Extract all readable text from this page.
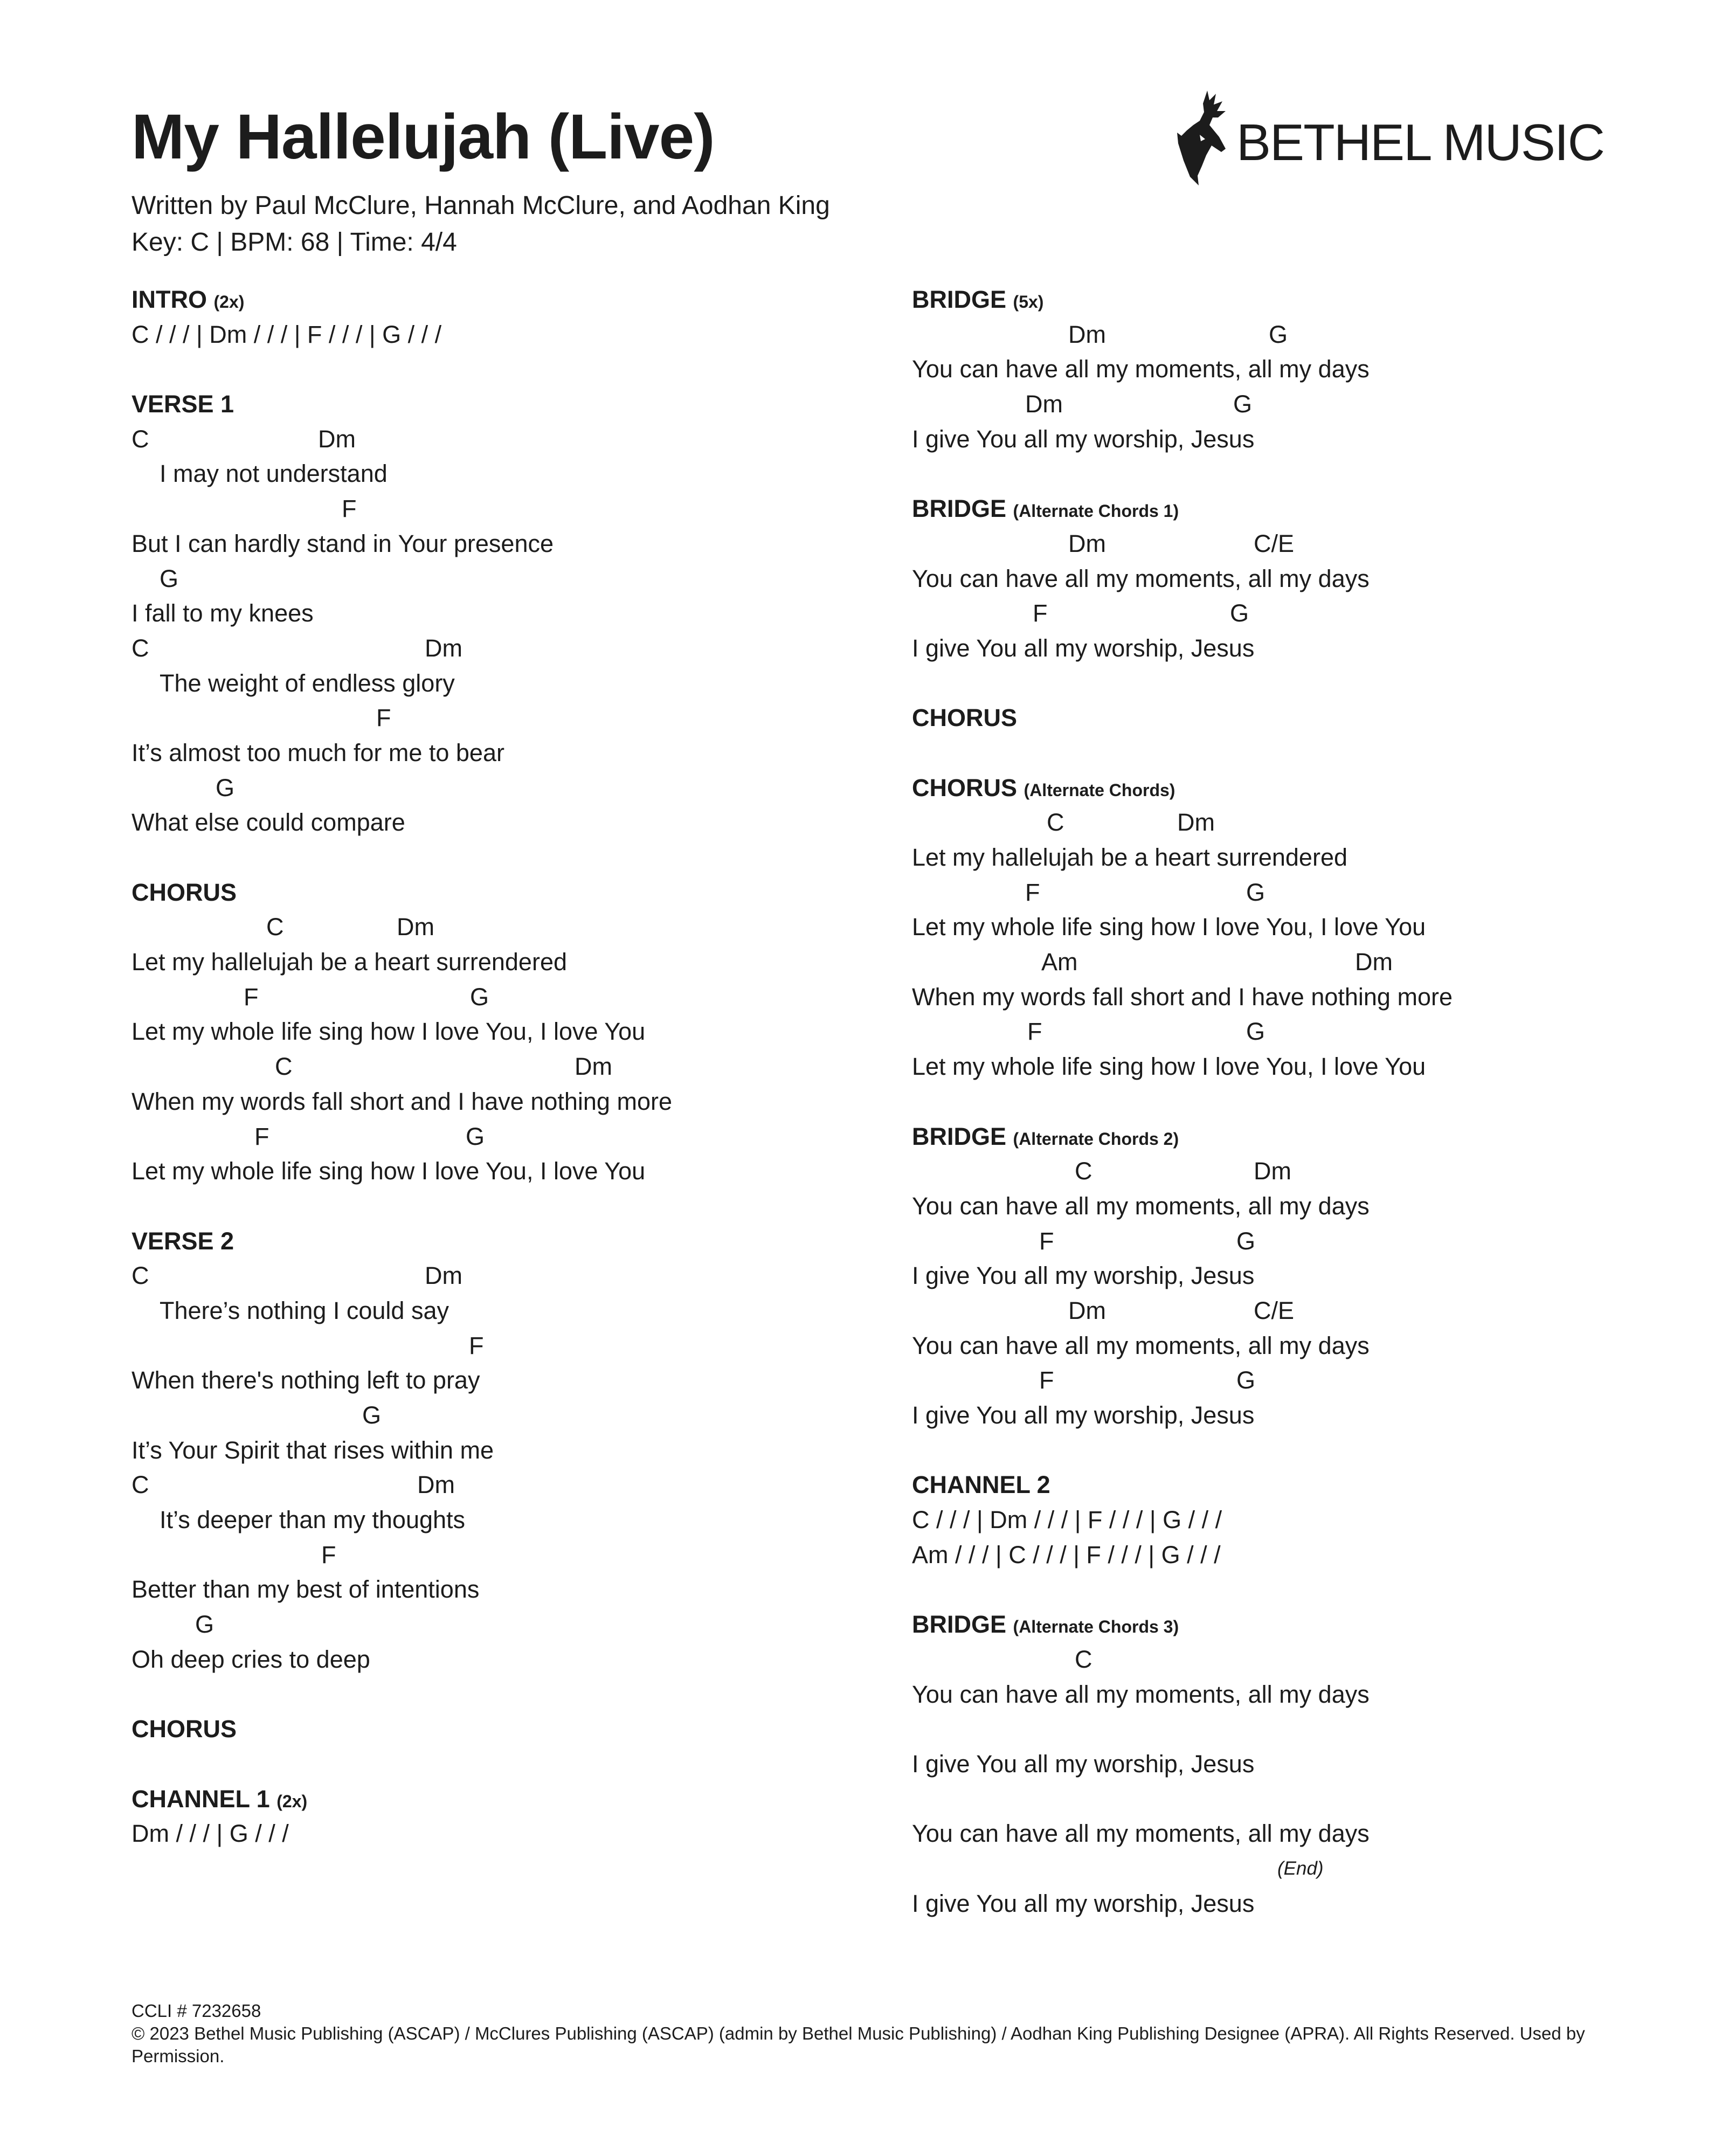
My Hallelujah (Live)
Written by Paul McClure, Hannah McClure, and Aodhan King
Key: C | BPM: 68 | Time: 4/4
BETHEL MUSIC
INTRO (2x)
C / / / | Dm / / / | F / / / | G / / /
VERSE 1
C	Dm
I may not understand
F
But I can hardly stand in Your presence
G
I fall to my knees
C	Dm
The weight of endless glory
F
It’s almost too much for me to bear
G
What else could compare
CHORUS
C	Dm
Let my hallelujah be a heart surrendered
F	G
Let my whole life sing how I love You, I love You
C	Dm
When my words fall short and I have nothing more
F	G
Let my whole life sing how I love You, I love You
VERSE 2
C	Dm
There’s nothing I could say
F
When there's nothing left to pray
G
It’s Your Spirit that rises within me
C	Dm
It’s deeper than my thoughts
F
Better than my best of intentions
G
Oh deep cries to deep
CHORUS
CHANNEL 1 (2x)
Dm / / / | G / / /
BRIDGE (5x)
Dm	G
You can have all my moments, all my days
Dm	G
I give You all my worship, Jesus
BRIDGE (Alternate Chords 1)
Dm	C/E
You can have all my moments, all my days
F	G
I give You all my worship, Jesus
CHORUS
CHORUS (Alternate Chords)
C	Dm
Let my hallelujah be a heart surrendered
F	G
Let my whole life sing how I love You, I love You
Am	Dm
When my words fall short and I have nothing more
F	G
Let my whole life sing how I love You, I love You
BRIDGE (Alternate Chords 2)
C	Dm
You can have all my moments, all my days
F	G
I give You all my worship, Jesus
Dm	C/E
You can have all my moments, all my days
F	G
I give You all my worship, Jesus
CHANNEL 2
C / / / | Dm / / / | F / / / | G / / /
Am / / / | C / / / | F / / / | G / / /
BRIDGE (Alternate Chords 3)
C
You can have all my moments, all my days
I give You all my worship, Jesus
You can have all my moments, all my days
(End)
I give You all my worship, Jesus
CCLI # 7232658
© 2023 Bethel Music Publishing (ASCAP) / McClures Publishing (ASCAP) (admin by Bethel Music Publishing) / Aodhan King Publishing Designee (APRA). All Rights Reserved. Used by Permission.
